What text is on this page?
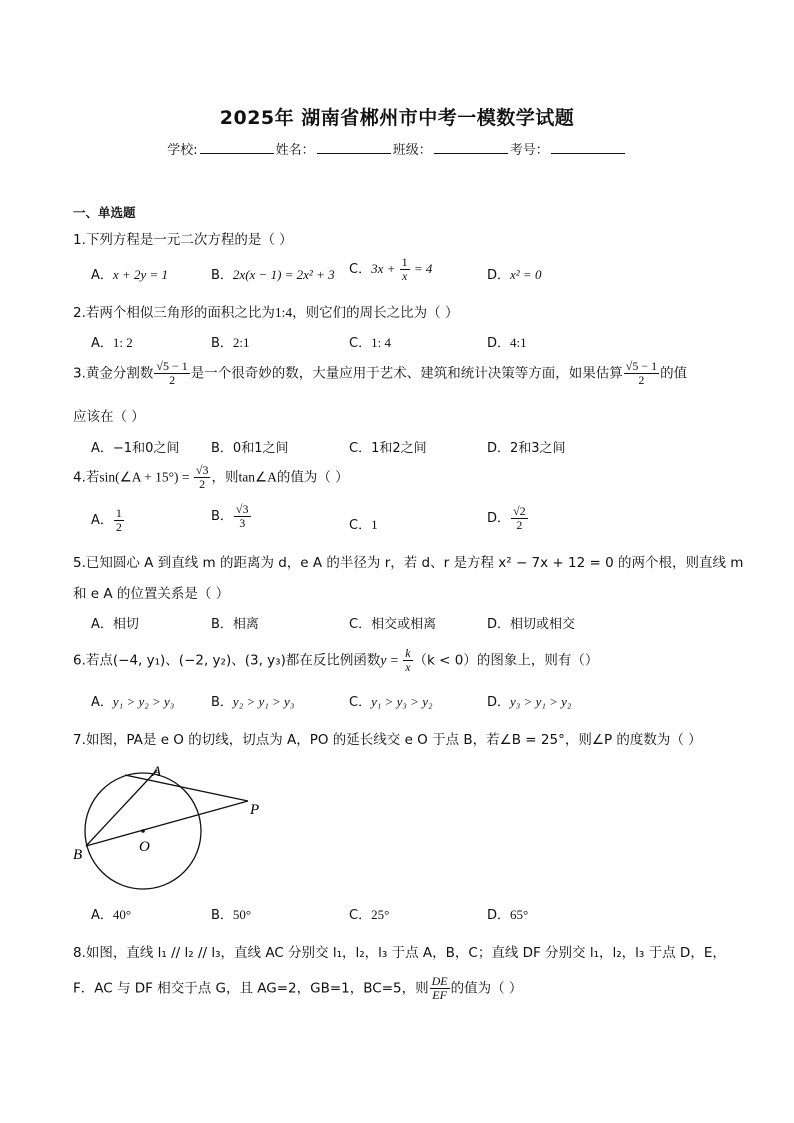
2025年 湖南省郴州市中考一模数学试题
学校:	姓名：	班级：	考号：
一、单选题
1.下列方程是一元二次方程的是（ ）
A．x + 2y = 1	B．2x(x − 1) = 2x² + 3 C．$3x + \frac{1}{x} = 4$	D．x² = 0
2.若两个相似三角形的面积之比为1:4，则它们的周长之比为（ ）
A．1: 2	B．2:1	C．1: 4	D．4:1
3.黄金分割数 $\frac{√5 - 1}{2}$ 是一个很奇妙的数，大量应用于艺术、建筑和统计决策等方面，如果估算 $\frac{√5 - 1}{2}$ 的值
应该在（ ）
A．−1和0之间 B．0和1之间	C．1和2之间	D．2和3之间
4.若sin(∠A + $15^\circ) = \frac{√3}{2}$ ，则tan∠A的值为（ ）
A． $\frac{1}{2}$	B． $\frac{√3}{3}$	C．1	D． $\frac{√2}{2}$
5.已知圆心 A 到直线 m 的距离为 d，e A 的半径为 r，若 d、r 是方程 x² − 7x + 12 = 0 的两个根，则直线 m
和 e A 的位置关系是（ ）
A．相切	B．相离	C．相交或相离	D．相切或相交
6.若点(−4, y₁)、(−2, y₂)、(3, y₃)都在反比例函数$y = \frac{k}{x} (k < 0)$的图象上，则有（）
A．y₁ > y₂ > y₃	B．y₂ > y₁ > y₃	C．y₁ > y₃ > y₂	D．y₃ > y₁ > y₂
7.如图，PA是 e O 的切线，切点为 A，PO 的延长线交 e O 于点 B，若∠B = 25°，则∠P 的度数为（ ）
A
P
B	O
A．40°	B．50°	C．25°	D．65°
8.如图，直线 l₁ // l₂ // l₃，直线 AC 分别交 l₁，l₂，l₃ 于点 A，B，C；直线 DF 分别交 l₁，l₂，l₃ 于点 D，E，
F．AC 与 DF 相交于点 G，且 AG=2，GB=1，BC=5，则 $\frac{DE}{EF}$ 的值为（ ）
